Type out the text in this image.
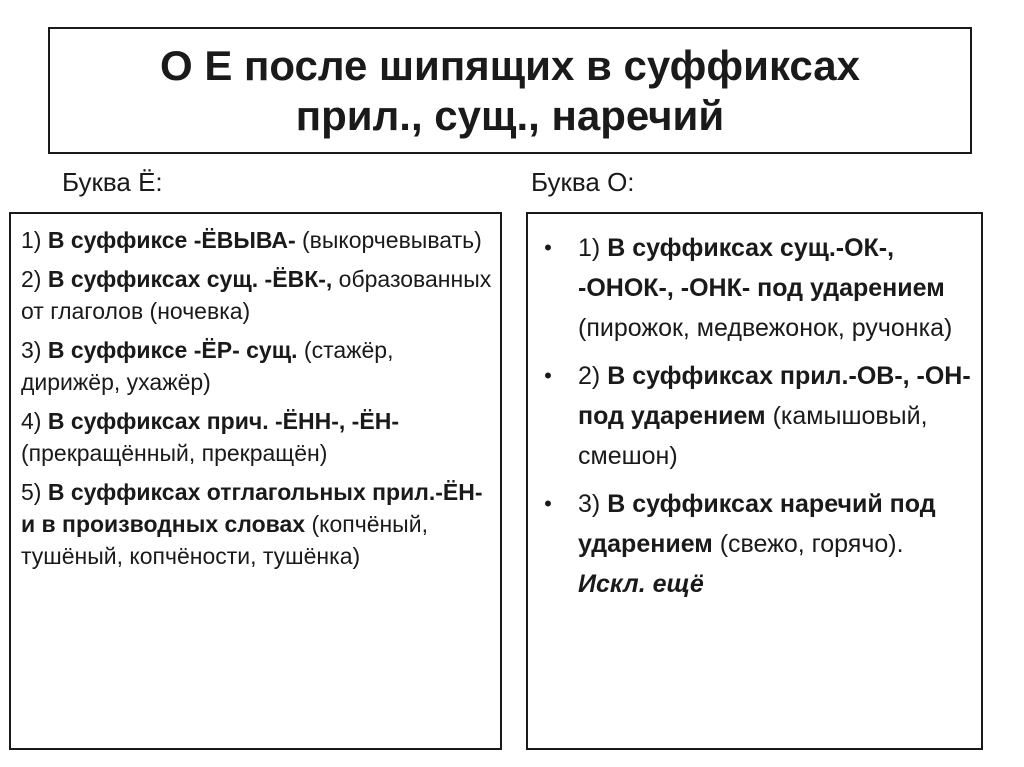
О Е после шипящих в суффиксах
прил., сущ., наречий
Буква Ё:	Буква О:
1) В суффиксе -ЁВЫВА- (выкорчевывать)
2) В суффиксах сущ. -ЁВК-, образованных от глаголов (ночевка)
3) В суффиксе -ЁР- сущ. (стажёр, дирижёр, ухажёр)
4) В суффиксах прич. -ЁНН-, -ЁН- (прекращённый, прекращён)
5) В суффиксах отглагольных прил.-ЁН- и в производных словах (копчёный, тушёный, копчёности, тушёнка)
• 1) В суффиксах сущ.-ОК-, -ОНОК-, -ОНК- под ударением (пирожок, медвежонок, ручонка)
• 2) В суффиксах прил.-ОВ-, -ОН- под ударением (камышовый, смешон)
• 3) В суффиксах наречий под ударением (свежо, горячо). Искл. ещё
